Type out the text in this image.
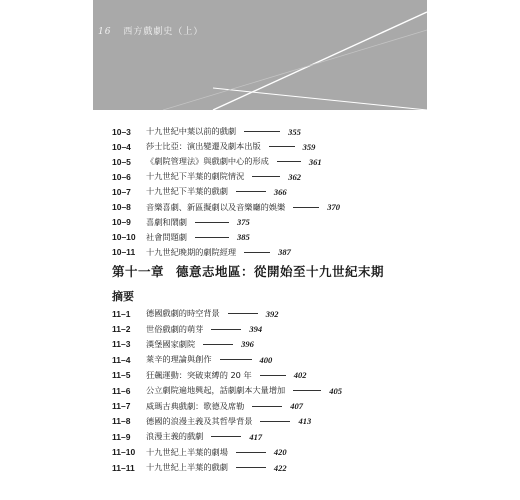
16 西方戲劇史（上）
10–3	十九世紀中葉以前的戲劇	355
10–4	莎士比亞：演出變遷及劇本出版	359
10–5	《劇院管理法》與戲劇中心的形成	361
10–6	十九世紀下半葉的劇院情況	362
10–7	十九世紀下半葉的戲劇	366
10–8	音樂喜劇、新區擬劇以及音樂廳的娛樂	370
10–9	喜劇和鬧劇	375
10–10	社會問題劇	385
10–11	十九世紀晚期的劇院經理	387
第十一章 德意志地區：從開始至十九世紀末期
摘要
11–1	德國戲劇的時空背景	392
11–2	世俗戲劇的萌芽	394
11–3	漢堡國家劇院	396
11–4	萊辛的理論與創作	400
11–5	狂飆運動：突破束縛的 20 年	402
11–6	公立劇院遍地興起，話劇劇本大量增加	405
11–7	威瑪古典戲劇：歌德及席勒	407
11–8	德國的浪漫主義及其哲學背景	413
11–9	浪漫主義的戲劇	417
11–10	十九世紀上半葉的劇場	420
11–11	十九世紀上半葉的戲劇	422
